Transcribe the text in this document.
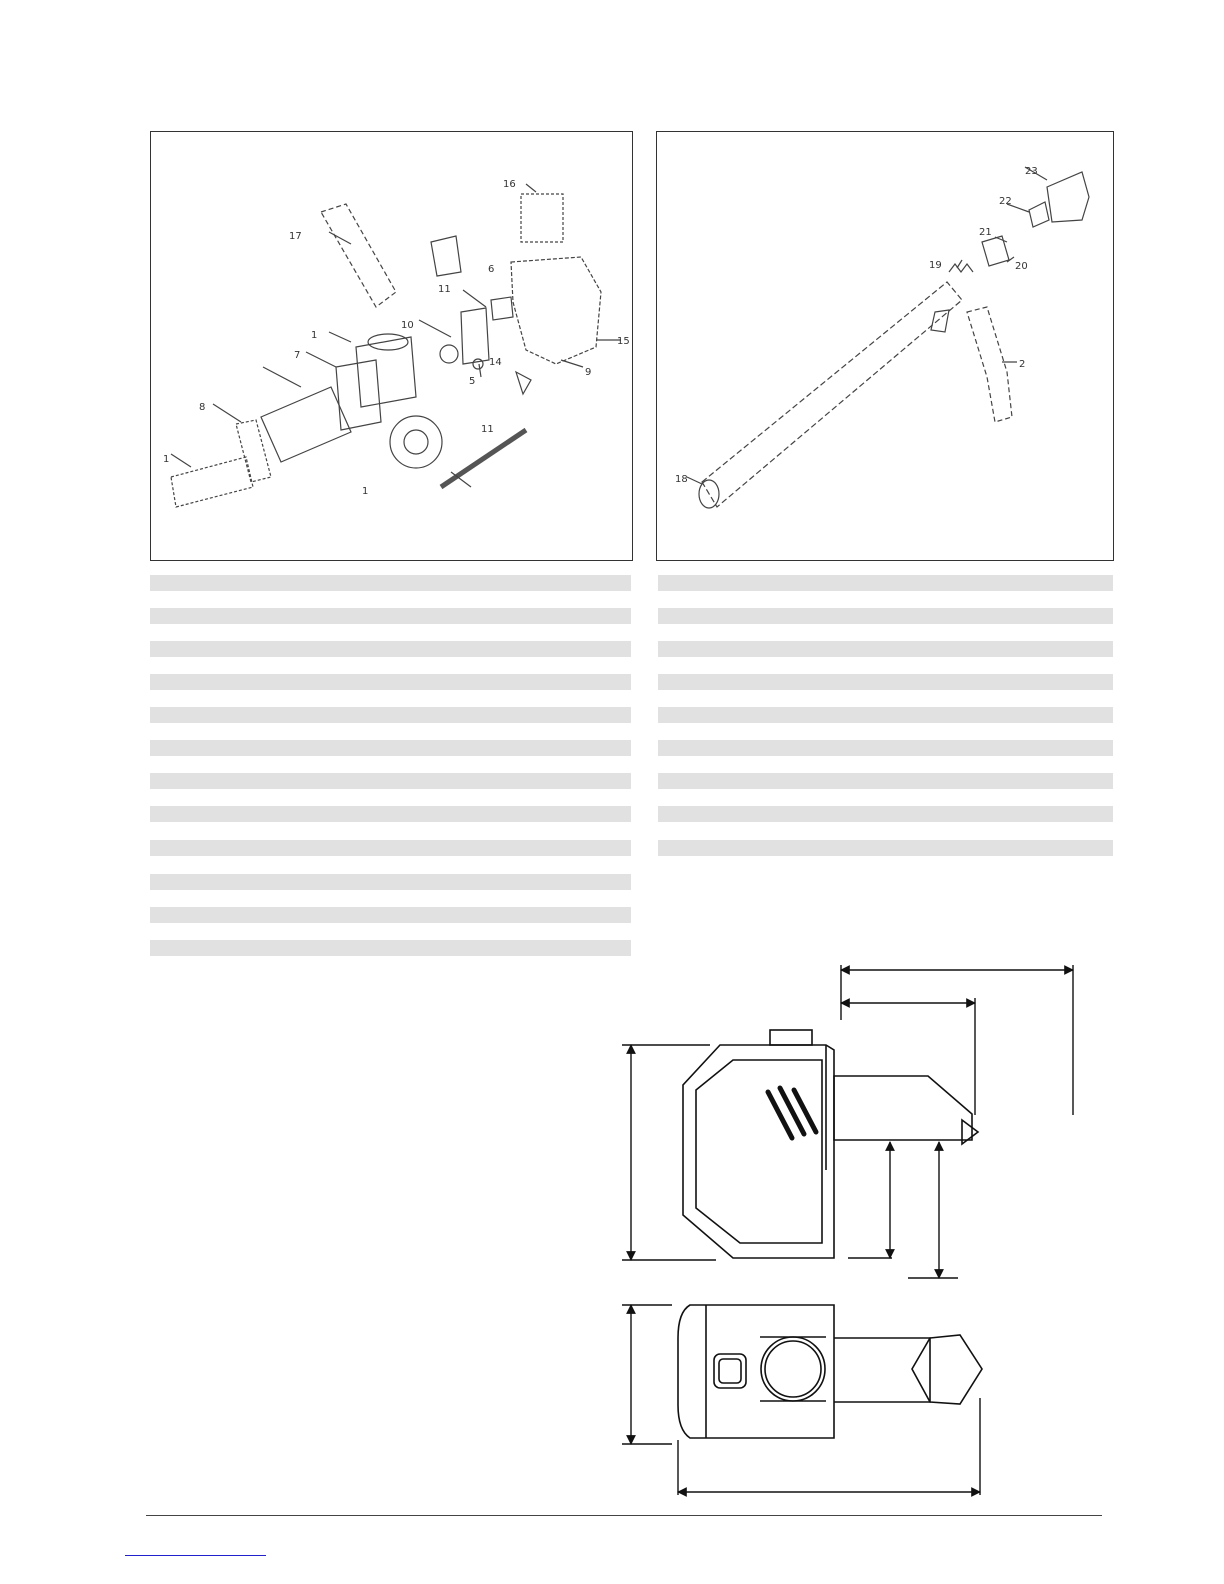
16
17
11
6
1
10
7
15
5
14
9
8
11
1
1
23
22
21
20
19
2
18
